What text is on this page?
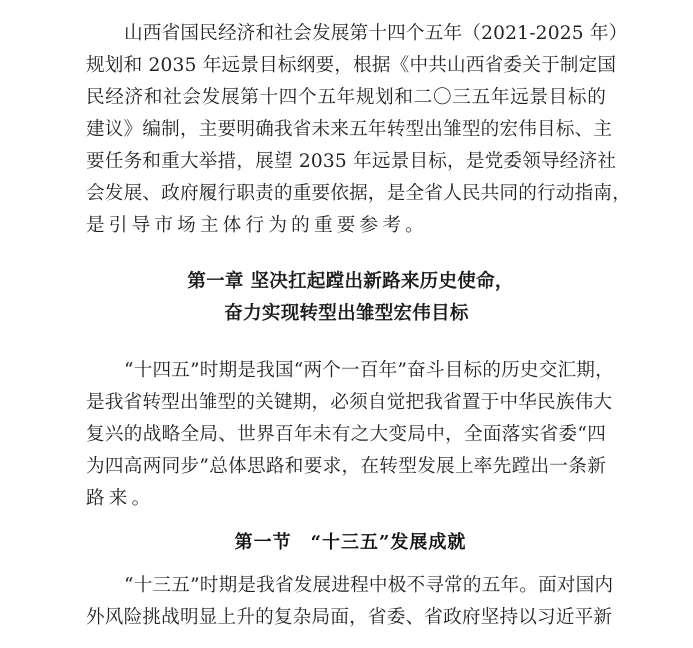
山西省国民经济和社会发展第十四个五年（2021-2025 年）
规划和 2035 年远景目标纲要，根据《中共山西省委关于制定国
民经济和社会发展第十四个五年规划和二〇三五年远景目标的
建议》编制，主要明确我省未来五年转型出雏型的宏伟目标、主
要任务和重大举措，展望 2035 年远景目标，是党委领导经济社
会发展、政府履行职责的重要依据，是全省人民共同的行动指南，
是引导市场主体行为的重要参考。
第一章 坚决扛起蹚出新路来历史使命，
奋力实现转型出雏型宏伟目标
“十四五”时期是我国“两个一百年”奋斗目标的历史交汇期，
是我省转型出雏型的关键期，必须自觉把我省置于中华民族伟大
复兴的战略全局、世界百年未有之大变局中，全面落实省委“四
为四高两同步”总体思路和要求，在转型发展上率先蹚出一条新
路来。
第一节　“十三五”发展成就
“十三五”时期是我省发展进程中极不寻常的五年。面对国内
外风险挑战明显上升的复杂局面，省委、省政府坚持以习近平新
